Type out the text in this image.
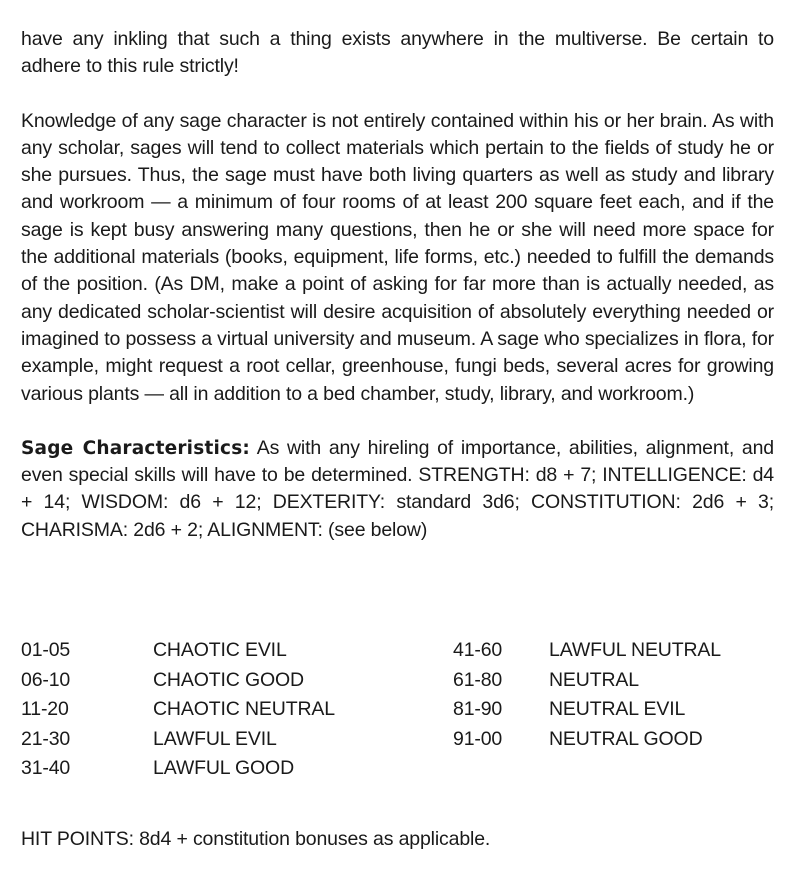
have any inkling that such a thing exists anywhere in the multiverse. Be certain to adhere to this rule strictly!

Knowledge of any sage character is not entirely contained within his or her brain. As with any scholar, sages will tend to collect materials which pertain to the fields of study he or she pursues. Thus, the sage must have both living quarters as well as study and library and workroom — a minimum of four rooms of at least 200 square feet each, and if the sage is kept busy answering many questions, then he or she will need more space for the additional materials (books, equipment, life forms, etc.) needed to fulfill the demands of the position. (As DM, make a point of asking for far more than is actually needed, as any dedicated scholar-scientist will desire acquisition of absolutely everything needed or imagined to possess a virtual university and museum. A sage who specializes in flora, for example, might request a root cellar, greenhouse, fungi beds, several acres for growing various plants — all in addition to a bed chamber, study, library, and workroom.)

Sage Characteristics: As with any hireling of importance, abilities, alignment, and even special skills will have to be determined. STRENGTH: d8 + 7; INTELLIGENCE: d4 + 14; WISDOM: d6 + 12; DEXTERITY: standard 3d6; CONSTITUTION: 2d6 + 3; CHARISMA: 2d6 + 2; ALIGNMENT: (see below)

01-05	CHAOTIC EVIL	41-60 LAWFUL NEUTRAL
06-10	CHAOTIC GOOD	61-80 NEUTRAL
11-20	CHAOTIC NEUTRAL	81-90 NEUTRAL EVIL
21-30	LAWFUL EVIL	91-00 NEUTRAL GOOD
31-40	LAWFUL GOOD
HIT POINTS: 8d4 + constitution bonuses as applicable.
